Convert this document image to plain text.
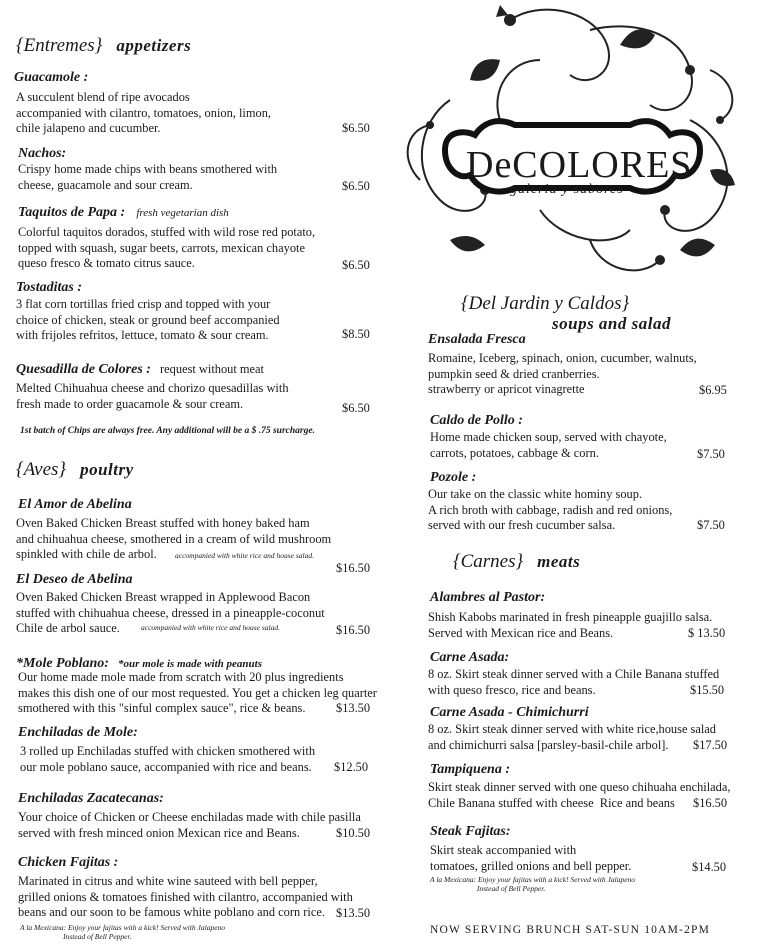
DeCOLORES
galeria y sabores
{Entremes} appetizers
Guacamole :
A succulent blend of ripe avocados
accompanied with cilantro, tomatoes, onion, limon,
chile jalapeno and cucumber.	$6.50
Nachos:
Crispy home made chips with beans smothered with
cheese, guacamole and sour cream.	$6.50
Taquitos de Papa : fresh vegetarian dish
Colorful taquitos dorados, stuffed with wild rose red potato,
topped with squash, sugar beets, carrots, mexican chayote
queso fresco & tomato citrus sauce.	$6.50
Tostaditas :
3 flat corn tortillas fried crisp and topped with your
choice of chicken, steak or ground beef accompanied
with frijoles refritos, lettuce, tomato & sour cream.	$8.50
Quesadilla de Colores : request without meat
Melted Chihuahua cheese and chorizo quesadillas with
fresh made to order guacamole & sour cream.	$6.50
1st batch of Chips are always free. Any additional will be a $ .75 surcharge.
{Aves} poultry
El Amor de Abelina
Oven Baked Chicken Breast stuffed with honey baked ham
and chihuahua cheese, smothered in a cream of wild mushroom
spinkled with chile de arbol.	accompanied with white rice and house salad.
$16.50
El Deseo de Abelina
Oven Baked Chicken Breast wrapped in Applewood Bacon
stuffed with chihuahua cheese, dressed in a pineapple-coconut
Chile de arbol sauce.	accompanied with white rice and house salad.	$16.50
*Mole Poblano: *our mole is made with peanuts
Our home made mole made from scratch with 20 plus ingredients
makes this dish one of our most requested. You get a chicken leg quarter
smothered with this "sinful complex sauce", rice & beans.	$13.50
Enchiladas de Mole:
3 rolled up Enchiladas stuffed with chicken smothered with
our mole poblano sauce, accompanied with rice and beans. $12.50
Enchiladas Zacatecanas:
Your choice of Chicken or Cheese enchiladas made with chile pasilla
served with fresh minced onion Mexican rice and Beans.	$10.50
Chicken Fajitas :
Marinated in citrus and white wine sauteed with bell pepper,
grilled onions & tomatoes finished with cilantro, accompanied with
beans and our soon to be famous white poblano and corn rice. $13.50
A la Mexicana: Enjoy your fajitas with a kick! Served with Jalapeno
Instead of Bell Pepper.
{Del Jardin y Caldos}
soups and salad
Ensalada Fresca
Romaine, Iceberg, spinach, onion, cucumber, walnuts,
pumpkin seed & dried cranberries.
strawberry or apricot vinagrette	$6.95
Caldo de Pollo :
Home made chicken soup, served with chayote,
carrots, potatoes, cabbage & corn.	$7.50
Pozole :
Our take on the classic white hominy soup.
A rich broth with cabbage, radish and red onions,
served with our fresh cucumber salsa.	$7.50
{Carnes} meats
Alambres al Pastor:
Shish Kabobs marinated in fresh pineapple guajillo salsa.
Served with Mexican rice and Beans.	$ 13.50
Carne Asada:
8 oz. Skirt steak dinner served with a Chile Banana stuffed
with queso fresco, rice and beans.	$15.50
Carne Asada - Chimichurri
8 oz. Skirt steak dinner served with white rice,house salad
and chimichurri salsa [parsley-basil-chile arbol].	$17.50
Tampiquena :
Skirt steak dinner served with one queso chihuaha enchilada,
Chile Banana stuffed with cheese  Rice and beans	$16.50
Steak Fajitas:
Skirt steak accompanied with
tomatoes, grilled onions and bell pepper.	$14.50
A la Mexicana: Enjoy your fajitas with a kick! Served with Jalapeno
Instead of Bell Pepper.
NOW SERVING BRUNCH SAT-SUN 10AM-2PM
